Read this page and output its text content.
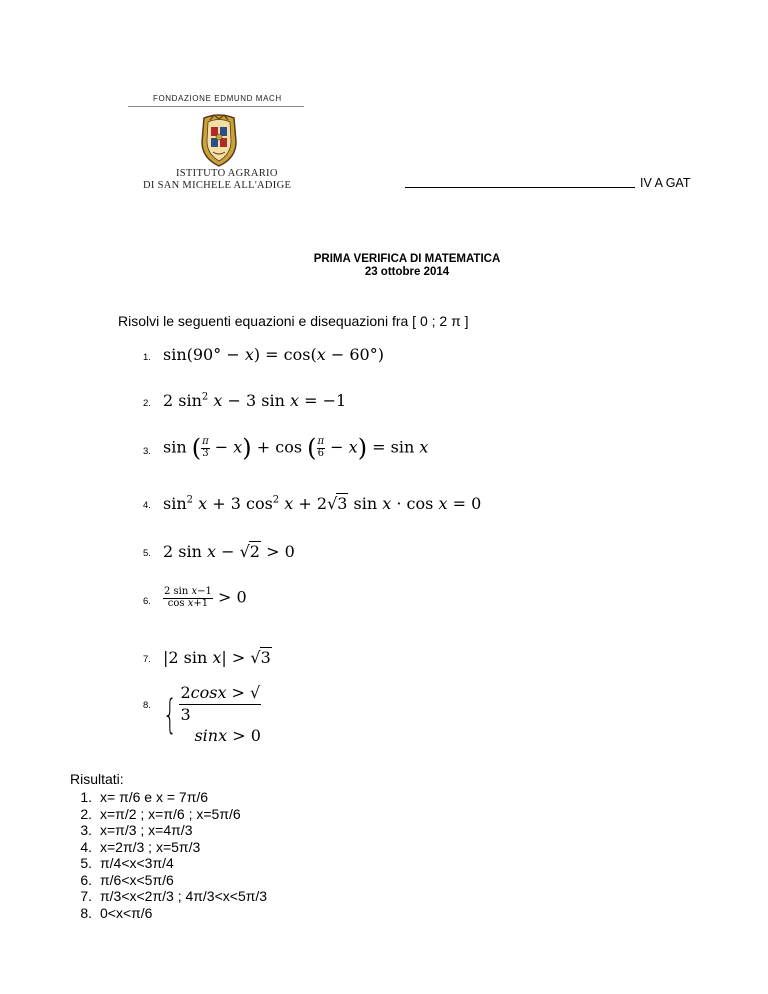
FONDAZIONE EDMUND MACH
ISTITUTO AGRARIO
DI SAN MICHELE ALL'ADIGE	IV A GAT
PRIMA VERIFICA DI MATEMATICA
23 ottobre 2014
Risolvi le seguenti equazioni e disequazioni fra [ 0 ; 2 π ]
1. sin(90° − x) = cos(x − 60°)
2. 2 $\sin^2 x - 3$ sin x = −1
3. sin ( $\frac{\pi}{3} - x) + \cos$ ( $\frac{\pi}{6} - x) = \sin x$
4. $\sin^2 x + 3$ $\cos^2 x + 2√3$ sin x · cos x = 0
5. 2 sin x − √2 > 0
6. $\frac{\text{2 sin x−1}}{\text{cos x+1}} > 0$
7. |2 sin x| > √3
8. { 2cosx > √
3
sinx > 0
Risultati:
1. x= π/6 e x = 7π/6
2. x=π/2 ; x=π/6 ; x=5π/6
3. x=π/3 ; x=4π/3
4. x=2π/3 ; x=5π/3
5. π/4<x<3π/4
6. π/6<x<5π/6
7. π/3<x<2π/3 ; 4π/3<x<5π/3
8. 0<x<π/6
